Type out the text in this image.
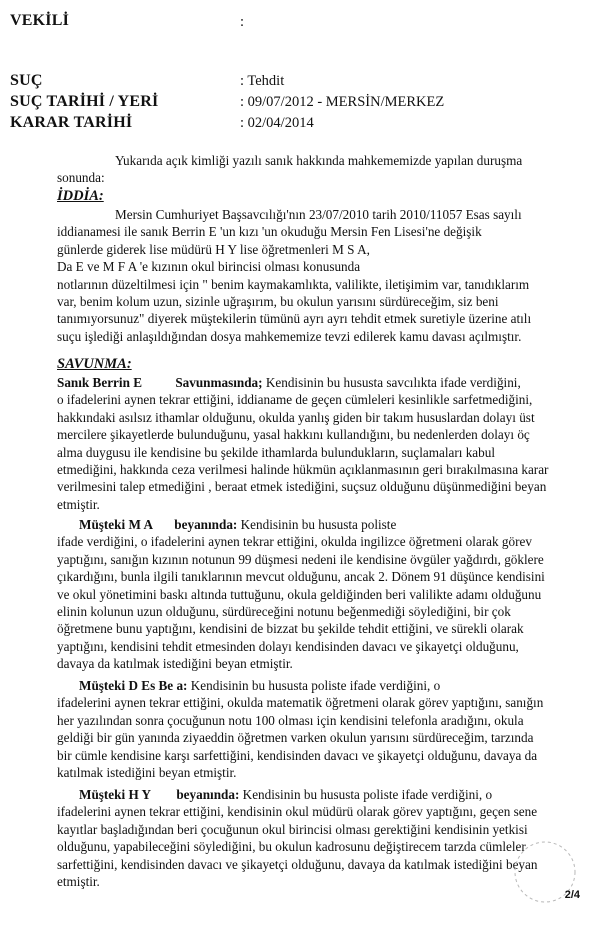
VEKİLİ	:
SUÇ	: Tehdit
SUÇ TARİHİ / YERİ	: 09/07/2012 - MERSİN/MERKEZ
KARAR TARİHİ	: 02/04/2014
Yukarıda açık kimliği yazılı sanık hakkında mahkememizde yapılan duruşma
sonunda:
İDDİA:
Mersin Cumhuriyet Başsavcılığı'nın 23/07/2010 tarih 2010/11057 Esas sayılı
iddianamesi ile sanık Berrin E 'un kızı 'un okuduğu Mersin Fen Lisesi'ne değişik
günlerde giderek lise müdürü H Y lise öğretmenleri M S A,
Da E ve M F A 'e kızının okul birincisi olması konusunda
notlarının düzeltilmesi için " benim kaymakamlıkta, valilikte, iletişimim var, tanıdıklarım
var, benim kolum uzun, sizinle uğraşırım, bu okulun yarısını sürdüreceğim, siz beni
tanımıyorsunuz" diyerek müştekilerin tümünü ayrı ayrı tehdit etmek suretiyle üzerine atılı
suçu işlediği anlaşıldığından dosya mahkememize tevzi edilerek kamu davası açılmıştır.
SAVUNMA:
Sanık Berrin E	Savunmasında; Kendisinin bu hususta savcılıkta ifade verdiğini,
o ifadelerini aynen tekrar ettiğini, iddianame de geçen cümleleri kesinlikle sarfetmediğini,
hakkındaki asılsız ithamlar olduğunu, okulda yanlış giden bir takım hususlardan dolayı üst
mercilere şikayetlerde bulunduğunu, yasal hakkını kullandığını, bu nedenlerden dolayı öç
alma duygusu ile kendisine bu şekilde ithamlarda bulundukların, suçlamaları kabul
etmediğini, hakkında ceza verilmesi halinde hükmün açıklanmasının geri bırakılmasına karar
verilmesini talep etmediğini , beraat etmek istediğini, suçsuz olduğunu düşünmediğini beyan
etmiştir.
Müşteki M A beyanında: Kendisinin bu hususta poliste
ifade verdiğini, o ifadelerini aynen tekrar ettiğini, okulda ingilizce öğretmeni olarak görev
yaptığını, sanığın kızının notunun 99 düşmesi nedeni ile kendisine övgüler yağdırdı, göklere
çıkardığını, bunla ilgili tanıklarının mevcut olduğunu, ancak 2. Dönem 91 düşünce kendisini
ve okul yönetimini baskı altında tuttuğunu, okula geldiğinden beri valilikte adamı olduğunu
elinin kolunun uzun olduğunu, sürdüreceğini notunu beğenmediği söylediğini, bir çok
öğretmene bunu yaptığını, kendisini de bizzat bu şekilde tehdit ettiğini, ve sürekli olarak
yaptığını, kendisini tehdit etmesinden dolayı kendisinden davacı ve şikayetçi olduğunu,
davaya da katılmak istediğini beyan etmiştir.
Müşteki D Es Be a: Kendisinin bu hususta poliste ifade verdiğini, o
ifadelerini aynen tekrar ettiğini, okulda matematik öğretmeni olarak görev yaptığını, sanığın
her yazılından sonra çocuğunun notu 100 olması için kendisini telefonla aradığını, okula
geldiği bir gün yanında ziyaeddin öğretmen varken okulun yarısını sürdüreceğim, tarzında
bir cümle kendisine karşı sarfettiğini, kendisinden davacı ve şikayetçi olduğunu, davaya da
katılmak istediğini beyan etmiştir.
Müşteki H Y beyanında: Kendisinin bu hususta poliste ifade verdiğini, o
ifadelerini aynen tekrar ettiğini, kendisinin okul müdürü olarak görev yaptığını, geçen sene
kayıtlar başladığından beri çocuğunun okul birincisi olması gerektiğini kendisinin yetkisi
olduğunu, yapabileceğini söylediğini, bu okulun kadrosunu değiştirecem tarzda cümleler
sarfettiğini, kendisinden davacı ve şikayetçi olduğunu, davaya da katılmak istediğini beyan
etmiştir.
2/4
